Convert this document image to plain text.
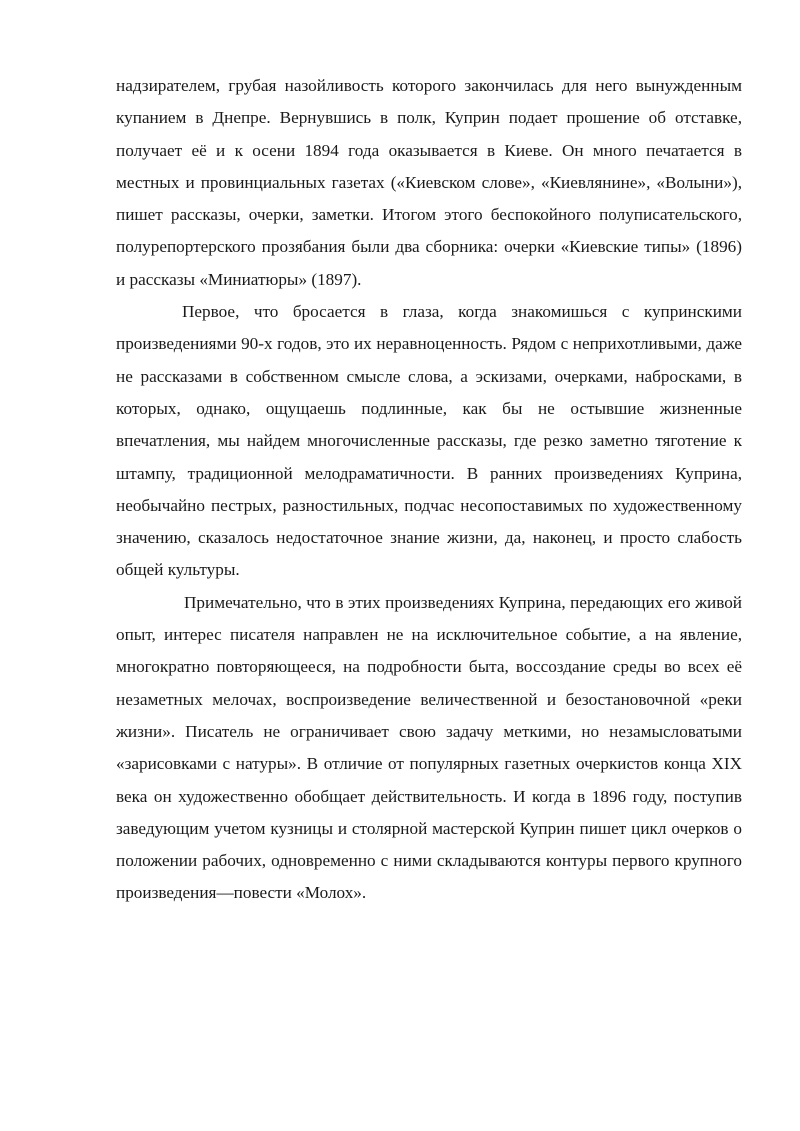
надзирателем, грубая назойливость которого закончилась для него вынужденным купанием в Днепре. Вернувшись в полк, Куприн подает прошение об отставке, получает её и к осени 1894 года оказывается в Киеве. Он много печатается в местных и провинциальных газетах («Киевском слове», «Киевлянине», «Волыни»), пишет рассказы, очерки, заметки. Итогом этого беспокойного полуписательского, полурепортерского прозябания были два сборника: очерки «Киевские типы» (1896) и рассказы «Миниатюры» (1897).

Первое, что бросается в глаза, когда знакомишься с купринскими произведениями 90-х годов, это их неравноценность. Рядом с неприхотливыми, даже не рассказами в собственном смысле слова, а эскизами, очерками, набросками, в которых, однако, ощущаешь подлинные, как бы не остывшие жизненные впечатления, мы найдем многочисленные рассказы, где резко заметно тяготение к штампу, традиционной мелодраматичности. В ранних произведениях Куприна, необычайно пестрых, разностильных, подчас несопоставимых по художественному значению, сказалось недостаточное знание жизни, да, наконец, и просто слабость общей культуры.

Примечательно, что в этих произведениях Куприна, передающих его живой опыт, интерес писателя направлен не на исключительное событие, а на явление, многократно повторяющееся, на подробности быта, воссоздание среды во всех её незаметных мелочах, воспроизведение величественной и безостановочной «реки жизни». Писатель не ограничивает свою задачу меткими, но незамысловатыми «зарисовками с натуры». В отличие от популярных газетных очеркистов конца XIX века он художественно обобщает действительность. И когда в 1896 году, поступив заведующим учетом кузницы и столярной мастерской Куприн пишет цикл очерков о положении рабочих, одновременно с ними складываются контуры первого крупного произведения—повести «Молох».
